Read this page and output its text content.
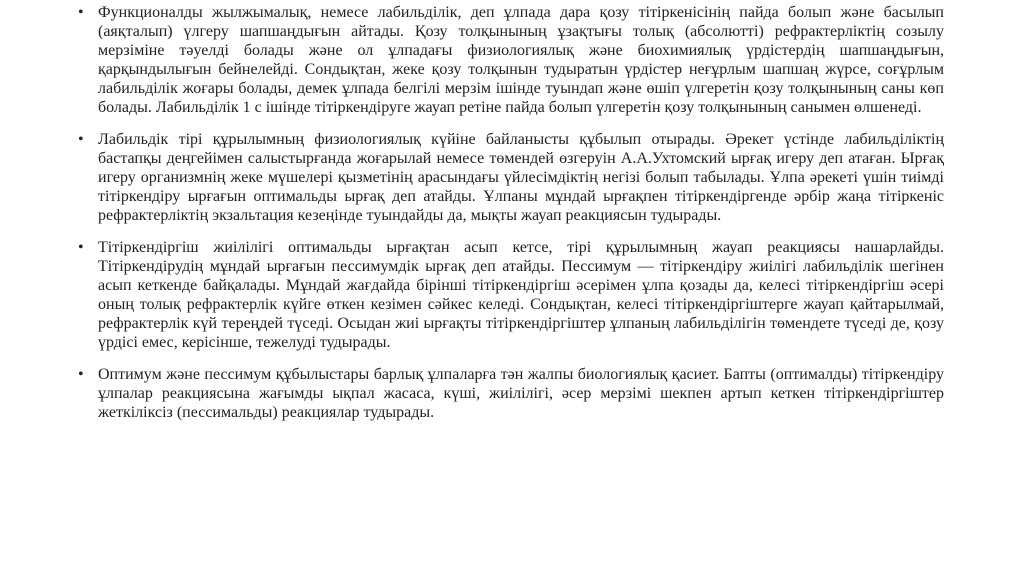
• Функционалды жылжымалық, немесе лабильділік, деп ұлпада дара қозу тітіркенісінің пайда болып және басылып (аяқталып) үлгеру шапшаңдығын айтады. Қозу толқынының ұзақтығы толық (абсолютті) рефрактерліктің созылу мерзіміне тәуелді болады және ол ұлпадағы физиологиялық және биохимиялық үрдістердің шапшаңдығын, қарқындылығын бейнелейді. Сондықтан, жеке қозу толқынын тудыратын үрдістер неғұрлым шапшаң жүрсе, соғұрлым лабильділік жоғары болады, демек ұлпада белгілі мерзім ішінде туындап және өшіп үлгеретін қозу толқынының саны көп болады. Лабильділік 1 с ішінде тітіркендіруге жауап ретіне пайда болып үлгеретін қозу толқынының санымен өлшенеді.

• Лабильдік тірі құрылымның физиологиялық күйіне байланысты құбылып отырады. Әрекет үстінде лабильділіктің бастапқы деңгейімен салыстырғанда жоғарылай немесе төмендей өзгеруін А.А.Ухтомский ырғақ игеру деп атаған. Ырғақ игеру организмнің жеке мүшелері қызметінің арасындағы үйлесімдіктің негізі болып табылады. Ұлпа әрекеті үшін тиімді тітіркендіру ырғағын оптимальды ырғақ деп атайды. Ұлпаны мұндай ырғақпен тітіркендіргенде әрбір жаңа тітіркеніс рефрактерліктің экзальтация кезеңінде туындайды да, мықты жауап реакциясын тудырады.

• Тітіркендіргіш жиілілігі оптимальды ырғақтан асып кетсе, тірі құрылымның жауап реакциясы нашарлайды. Тітіркендірудің мұндай ырғағын пессимумдік ырғақ деп атайды. Пессимум — тітіркендіру жиілігі лабильділік шегінен асып кеткенде байқалады. Мұндай жағдайда бірінші тітіркендіргіш әсерімен ұлпа қозады да, келесі тітіркендіргіш әсері оның толық рефрактерлік күйге өткен кезімен сәйкес келеді. Сондықтан, келесі тітіркендіргіштерге жауап қайтарылмай, рефрактерлік күй тереңдей түседі. Осыдан жиі ырғақты тітіркендіргіштер ұлпаның лабильділігін төмендете түседі де, қозу үрдісі емес, керісінше, тежелуді тудырады.

• Оптимум және пессимум құбылыстары барлық ұлпаларға тән жалпы биологиялық қасиет. Бапты (оптималды) тітіркендіру ұлпалар реакциясына жағымды ықпал жасаса, күші, жиілілігі, әсер мерзімі шекпен артып кеткен тітіркендіргіштер жеткіліксіз (пессимальды) реакциялар тудырады.
